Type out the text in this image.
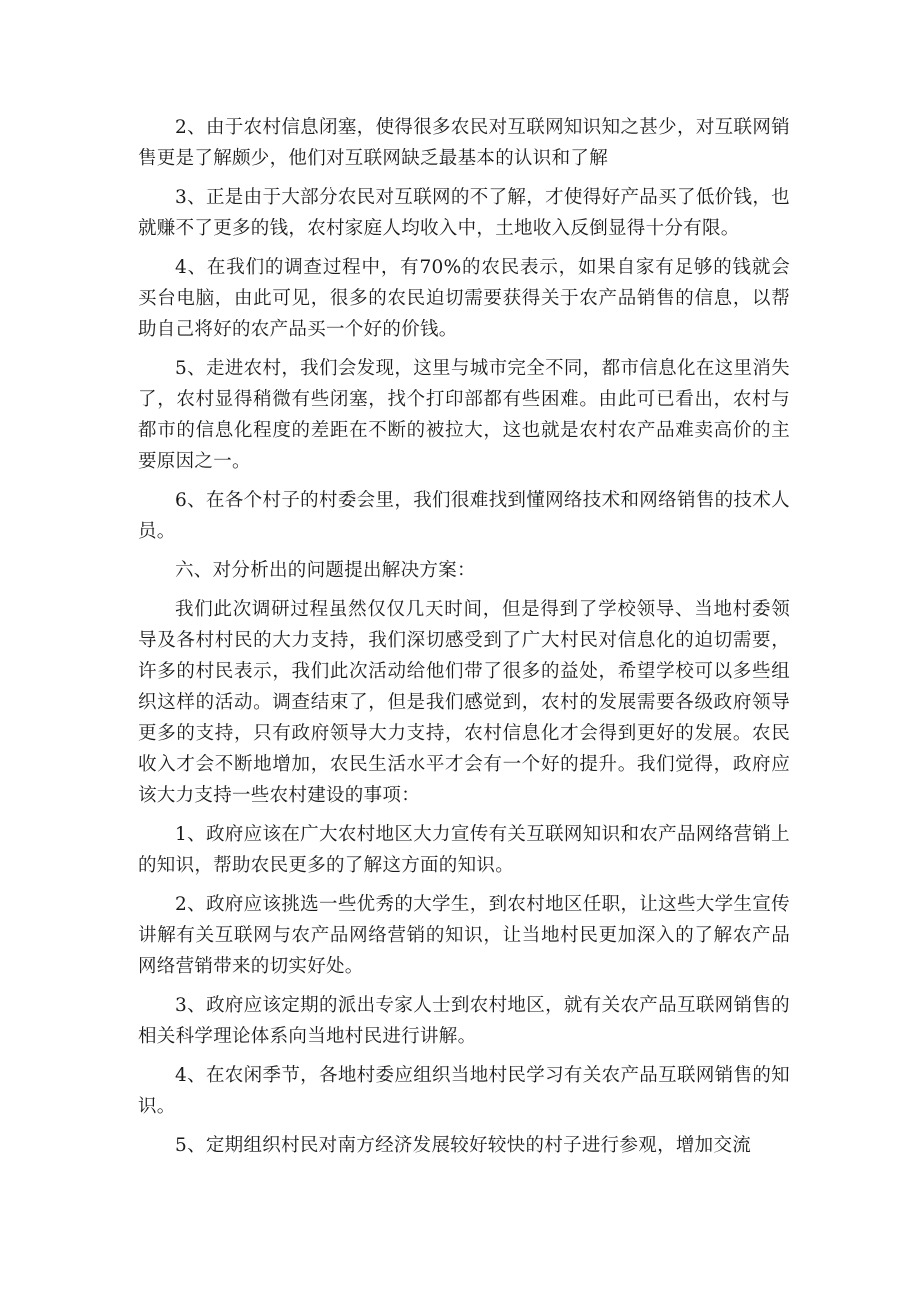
2、由于农村信息闭塞，使得很多农民对互联网知识知之甚少，对互联网销售更是了解颇少，他们对互联网缺乏最基本的认识和了解

3、正是由于大部分农民对互联网的不了解，才使得好产品买了低价钱，也就赚不了更多的钱，农村家庭人均收入中，土地收入反倒显得十分有限。

4、在我们的调查过程中，有70%的农民表示，如果自家有足够的钱就会买台电脑，由此可见，很多的农民迫切需要获得关于农产品销售的信息，以帮助自己将好的农产品买一个好的价钱。

5、走进农村，我们会发现，这里与城市完全不同，都市信息化在这里消失了，农村显得稍微有些闭塞，找个打印部都有些困难。由此可已看出，农村与都市的信息化程度的差距在不断的被拉大，这也就是农村农产品难卖高价的主要原因之一。

6、在各个村子的村委会里，我们很难找到懂网络技术和网络销售的技术人员。

六、对分析出的问题提出解决方案：

我们此次调研过程虽然仅仅几天时间，但是得到了学校领导、当地村委领导及各村村民的大力支持，我们深切感受到了广大村民对信息化的迫切需要，许多的村民表示，我们此次活动给他们带了很多的益处，希望学校可以多些组织这样的活动。调查结束了，但是我们感觉到，农村的发展需要各级政府领导更多的支持，只有政府领导大力支持，农村信息化才会得到更好的发展。农民收入才会不断地增加，农民生活水平才会有一个好的提升。我们觉得，政府应该大力支持一些农村建设的事项：

1、政府应该在广大农村地区大力宣传有关互联网知识和农产品网络营销上的知识，帮助农民更多的了解这方面的知识。

2、政府应该挑选一些优秀的大学生，到农村地区任职，让这些大学生宣传讲解有关互联网与农产品网络营销的知识，让当地村民更加深入的了解农产品网络营销带来的切实好处。

3、政府应该定期的派出专家人士到农村地区，就有关农产品互联网销售的相关科学理论体系向当地村民进行讲解。

4、在农闲季节，各地村委应组织当地村民学习有关农产品互联网销售的知识。

5、定期组织村民对南方经济发展较好较快的村子进行参观，增加交流
